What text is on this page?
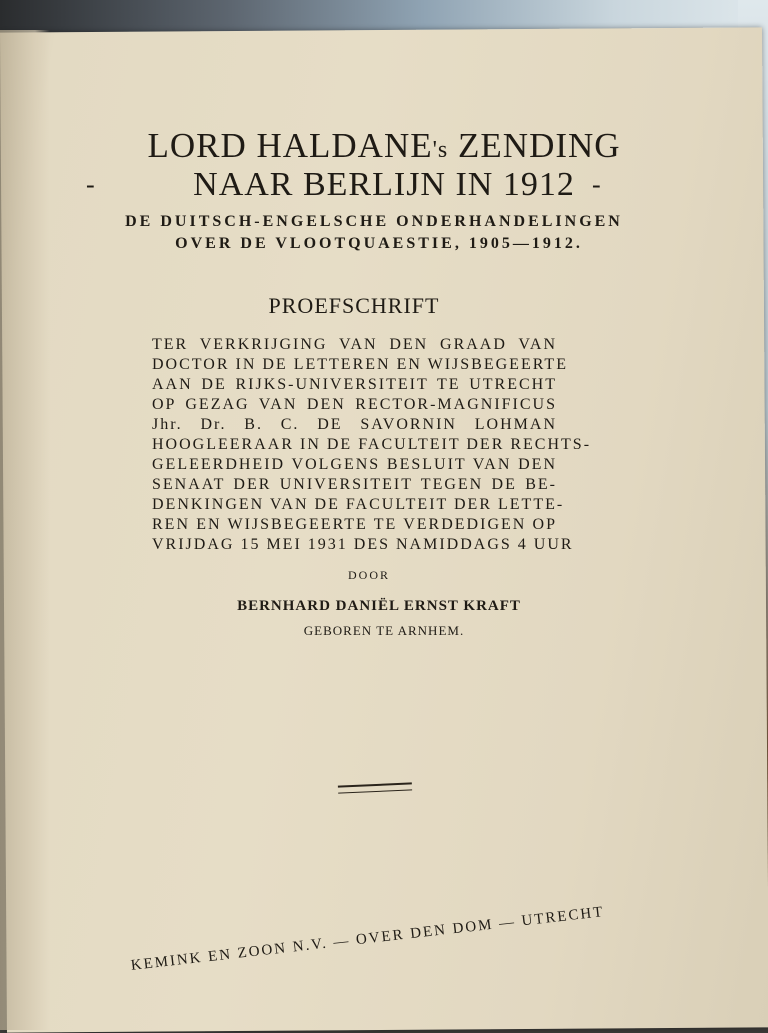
LORD HALDANE's ZENDING
-	NAAR BERLIJN IN 1912 -
DE DUITSCH-ENGELSCHE ONDERHANDELINGEN
OVER DE VLOOTQUAESTIE, 1905—1912.
PROEFSCHRIFT
TER VERKRIJGING VAN DEN GRAAD VAN
DOCTOR IN DE LETTEREN EN WIJSBEGEERTE
AAN DE RIJKS-UNIVERSITEIT TE UTRECHT
OP GEZAG VAN DEN RECTOR-MAGNIFICUS
Jhr. Dr. B. C. DE SAVORNIN LOHMAN
HOOGLEERAAR IN DE FACULTEIT DER RECHTS-
GELEERDHEID VOLGENS BESLUIT VAN DEN
SENAAT DER UNIVERSITEIT TEGEN DE BE-
DENKINGEN VAN DE FACULTEIT DER LETTE-
REN EN WIJSBEGEERTE TE VERDEDIGEN OP
VRIJDAG 15 MEI 1931 DES NAMIDDAGS 4 UUR
DOOR
BERNHARD DANIËL ERNST KRAFT
GEBOREN TE ARNHEM.
KEMINK EN ZOON N.V. — OVER DEN DOM — UTRECHT
